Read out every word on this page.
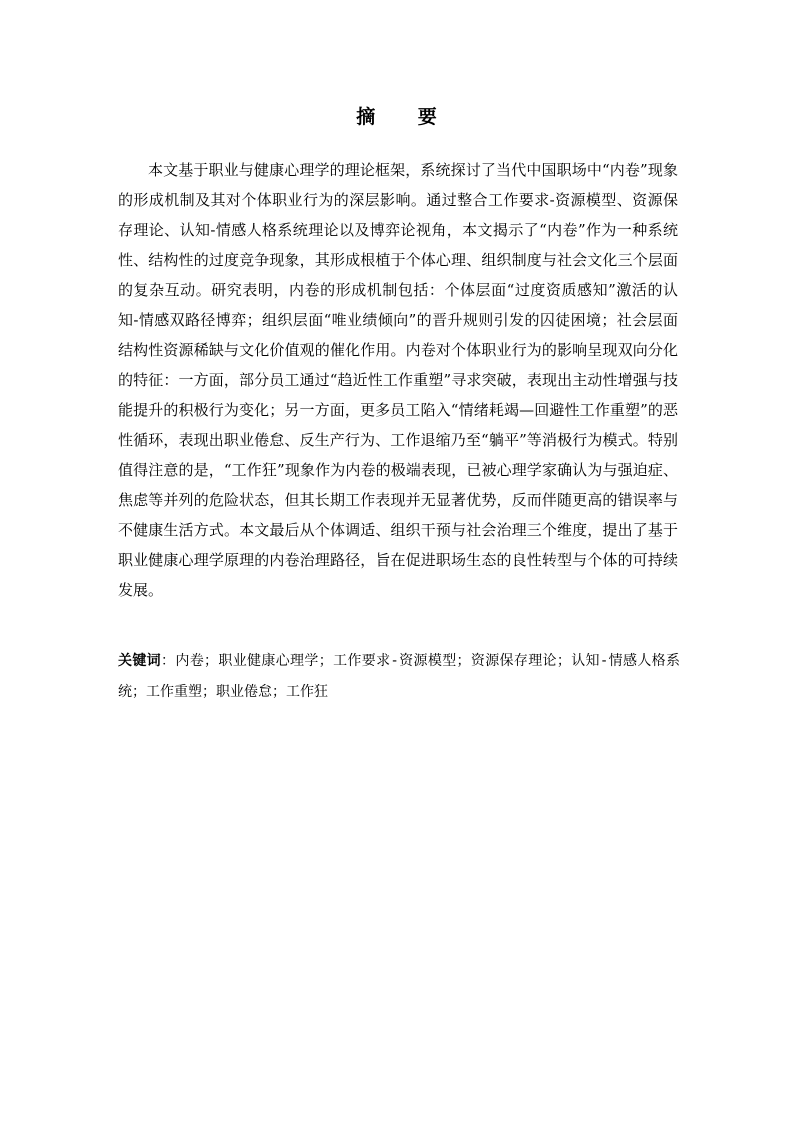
摘 要

本文基于职业与健康心理学的理论框架，系统探讨了当代中国职场中“内卷”现象的形成机制及其对个体职业行为的深层影响。通过整合工作要求-资源模型、资源保存理论、认知-情感人格系统理论以及博弈论视角，本文揭示了“内卷”作为一种系统性、结构性的过度竞争现象，其形成根植于个体心理、组织制度与社会文化三个层面的复杂互动。研究表明，内卷的形成机制包括：个体层面“过度资质感知”激活的认知-情感双路径博弈；组织层面“唯业绩倾向”的晋升规则引发的囚徒困境；社会层面结构性资源稀缺与文化价值观的催化作用。内卷对个体职业行为的影响呈现双向分化的特征：一方面，部分员工通过“趋近性工作重塑”寻求突破，表现出主动性增强与技能提升的积极行为变化；另一方面，更多员工陷入“情绪耗竭—回避性工作重塑”的恶性循环，表现出职业倦怠、反生产行为、工作退缩乃至“躺平”等消极行为模式。特别值得注意的是，“工作狂”现象作为内卷的极端表现，已被心理学家确认为与强迫症、焦虑等并列的危险状态，但其长期工作表现并无显著优势，反而伴随更高的错误率与不健康生活方式。本文最后从个体调适、组织干预与社会治理三个维度，提出了基于职业健康心理学原理的内卷治理路径，旨在促进职场生态的良性转型与个体的可持续发展。

关键词：内卷；职业健康心理学；工作要求-资源模型；资源保存理论；认知-情感人格系统；工作重塑；职业倦怠；工作狂
